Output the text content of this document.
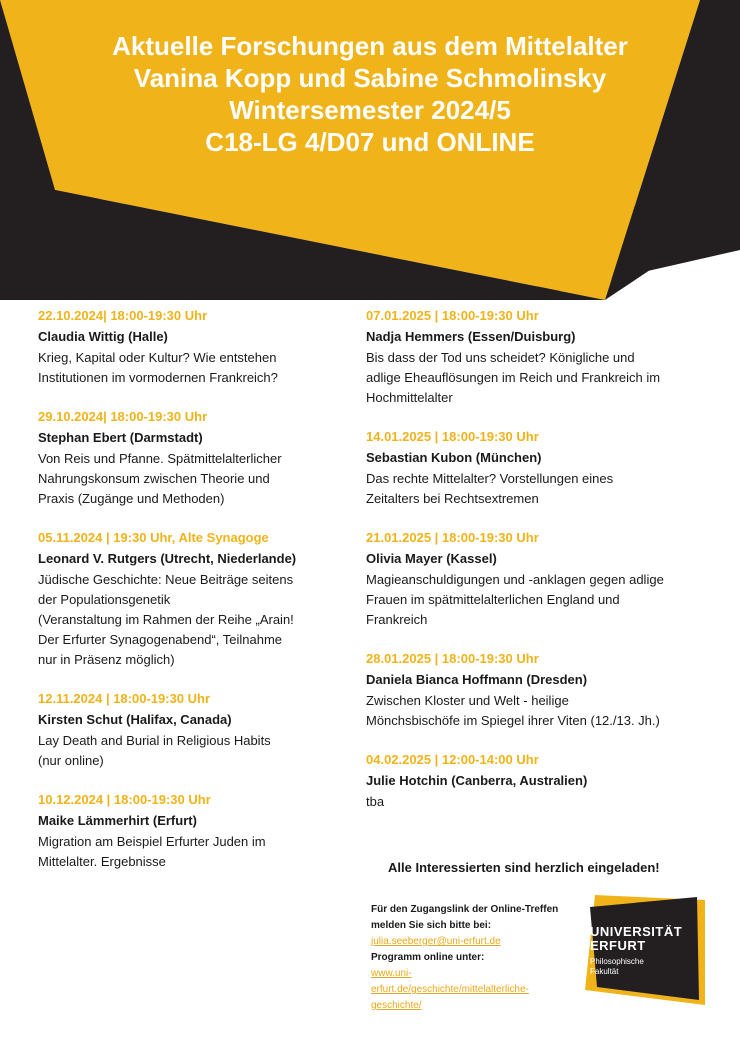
Aktuelle Forschungen aus dem Mittelalter
Vanina Kopp und Sabine Schmolinsky
Wintersemester 2024/5
C18-LG 4/D07 und ONLINE
22.10.2024| 18:00-19:30 Uhr
Claudia Wittig (Halle)
Krieg, Kapital oder Kultur? Wie entstehen
Institutionen im vormodernen Frankreich?
29.10.2024| 18:00-19:30 Uhr
Stephan Ebert (Darmstadt)
Von Reis und Pfanne. Spätmittelalterlicher
Nahrungskonsum zwischen Theorie und
Praxis (Zugänge und Methoden)
05.11.2024 | 19:30 Uhr, Alte Synagoge
Leonard V. Rutgers (Utrecht, Niederlande)
Jüdische Geschichte: Neue Beiträge seitens
der Populationsgenetik
(Veranstaltung im Rahmen der Reihe „Arain!
Der Erfurter Synagogenabend“, Teilnahme
nur in Präsenz möglich)
12.11.2024 | 18:00-19:30 Uhr
Kirsten Schut (Halifax, Canada)
Lay Death and Burial in Religious Habits
(nur online)
10.12.2024 | 18:00-19:30 Uhr
Maike Lämmerhirt (Erfurt)
Migration am Beispiel Erfurter Juden im
Mittelalter. Ergebnisse
07.01.2025 | 18:00-19:30 Uhr
Nadja Hemmers (Essen/Duisburg)
Bis dass der Tod uns scheidet? Königliche und
adlige Eheauflösungen im Reich und Frankreich im
Hochmittelalter
14.01.2025 | 18:00-19:30 Uhr
Sebastian Kubon (München)
Das rechte Mittelalter? Vorstellungen eines
Zeitalters bei Rechtsextremen
21.01.2025 | 18:00-19:30 Uhr
Olivia Mayer (Kassel)
Magieanschuldigungen und -anklagen gegen adlige
Frauen im spätmittelalterlichen England und
Frankreich
28.01.2025 | 18:00-19:30 Uhr
Daniela Bianca Hoffmann (Dresden)
Zwischen Kloster und Welt - heilige
Mönchsbischöfe im Spiegel ihrer Viten (12./13. Jh.)
04.02.2025 | 12:00-14:00 Uhr
Julie Hotchin (Canberra, Australien)
tba
Alle Interessierten sind herzlich eingeladen!
Für den Zugangslink der Online-Treffen
melden Sie sich bitte bei:
julia.seeberger@uni-erfurt.de
Programm online unter:
www.uni-
erfurt.de/geschichte/mittelalterliche-
geschichte/
UNIVERSITÄT
ERFURT
Philosophische
Fakultät
